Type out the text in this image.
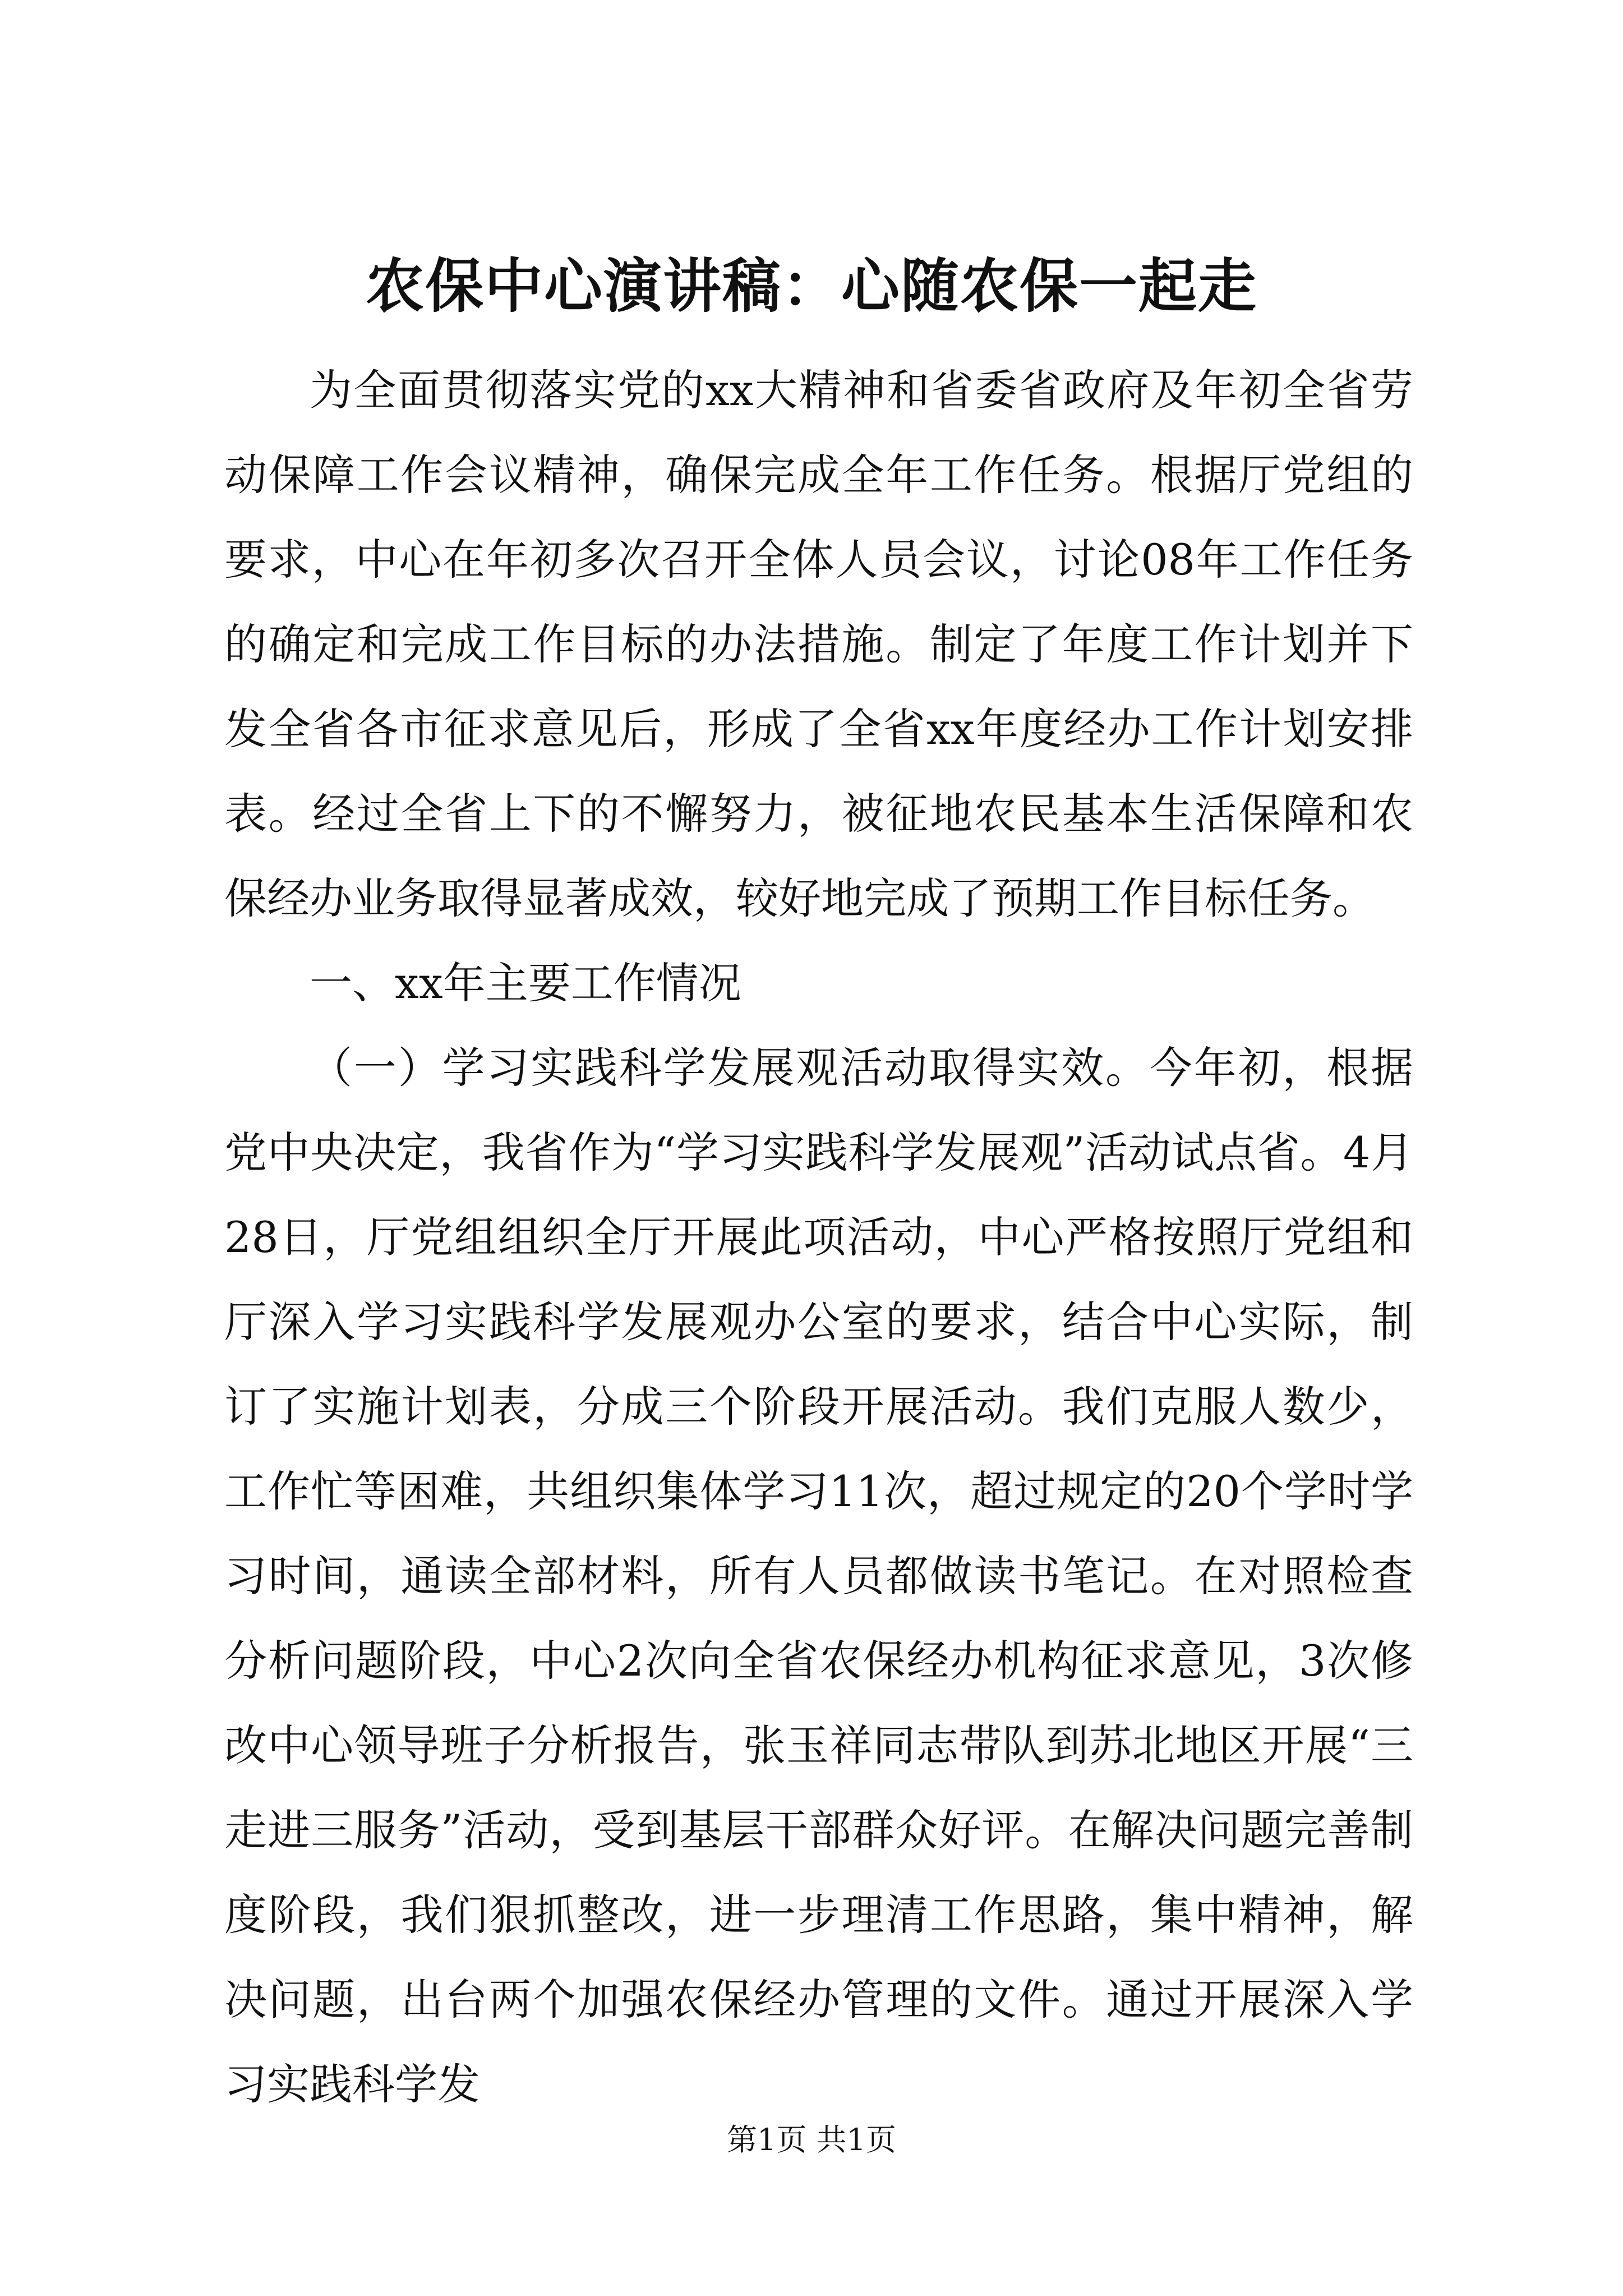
农保中心演讲稿：心随农保一起走

为全面贯彻落实党的xx大精神和省委省政府及年初全省劳动保障工作会议精神，确保完成全年工作任务。根据厅党组的要求，中心在年初多次召开全体人员会议，讨论08年工作任务的确定和完成工作目标的办法措施。制定了年度工作计划并下发全省各市征求意见后，形成了全省xx年度经办工作计划安排表。经过全省上下的不懈努力，被征地农民基本生活保障和农保经办业务取得显著成效，较好地完成了预期工作目标任务。

一、xx年主要工作情况

（一）学习实践科学发展观活动取得实效。今年初，根据党中央决定，我省作为“学习实践科学发展观”活动试点省。4月28日，厅党组组织全厅开展此项活动，中心严格按照厅党组和厅深入学习实践科学发展观办公室的要求，结合中心实际，制订了实施计划表，分成三个阶段开展活动。我们克服人数少，工作忙等困难，共组织集体学习11次，超过规定的20个学时学习时间，通读全部材料，所有人员都做读书笔记。在对照检查分析问题阶段，中心2次向全省农保经办机构征求意见，3次修改中心领导班子分析报告，张玉祥同志带队到苏北地区开展“三走进三服务”活动，受到基层干部群众好评。在解决问题完善制度阶段，我们狠抓整改，进一步理清工作思路，集中精神，解决问题，出台两个加强农保经办管理的文件。通过开展深入学习实践科学发

第1页 共1页
